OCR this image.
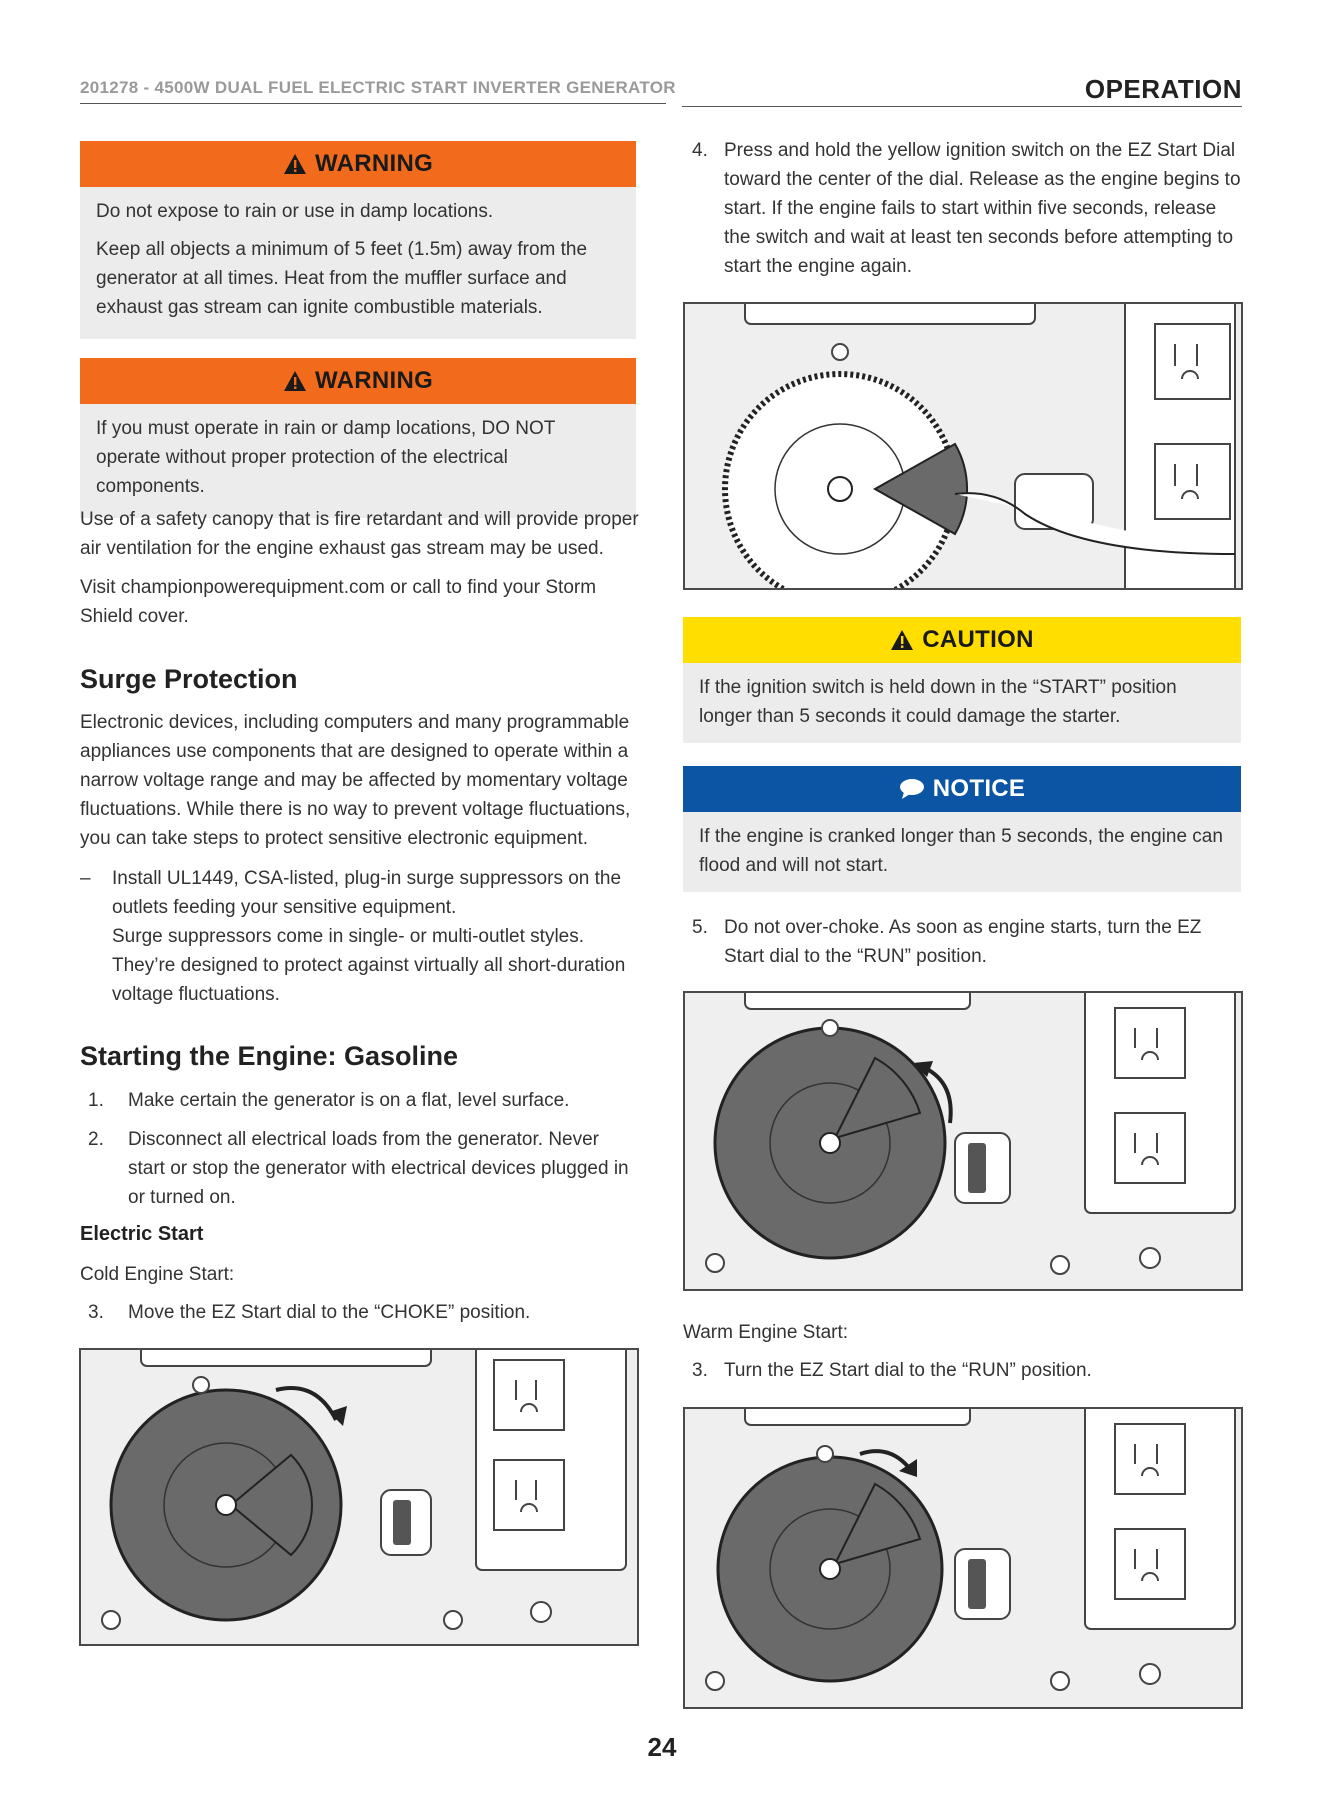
201278 - 4500W DUAL FUEL ELECTRIC START INVERTER GENERATOR	OPERATION
WARNING

Do not expose to rain or use in damp locations.

Keep all objects a minimum of 5 feet (1.5m) away from the generator at all times. Heat from the muffler surface and exhaust gas stream can ignite combustible materials.

WARNING

If you must operate in rain or damp locations, DO NOT operate without proper protection of the electrical components.

Use of a safety canopy that is fire retardant and will provide proper air ventilation for the engine exhaust gas stream may be used.

Visit championpowerequipment.com or call to find your Storm Shield cover.

Surge Protection

Electronic devices, including computers and many programmable appliances use components that are designed to operate within a narrow voltage range and may be affected by momentary voltage fluctuations. While there is no way to prevent voltage fluctuations, you can take steps to protect sensitive electronic equipment.

– Install UL1449, CSA-listed, plug-in surge suppressors on the outlets feeding your sensitive equipment.
Surge suppressors come in single- or multi-outlet styles. They’re designed to protect against virtually all short-duration voltage fluctuations.
Starting the Engine: Gasoline
1. Make certain the generator is on a flat, level surface.
2. Disconnect all electrical loads from the generator. Never start or stop the generator with electrical devices plugged in or turned on.
Electric Start

Cold Engine Start:

3. Move the EZ Start dial to the “CHOKE” position.
4. Press and hold the yellow ignition switch on the EZ Start Dial toward the center of the dial. Release as the engine begins to start. If the engine fails to start within five seconds, release the switch and wait at least ten seconds before attempting to start the engine again.
CAUTION

If the ignition switch is held down in the “START” position longer than 5 seconds it could damage the starter.

NOTICE

If the engine is cranked longer than 5 seconds, the engine can flood and will not start.

5. Do not over-choke. As soon as engine starts, turn the EZ Start dial to the “RUN” position.

Warm Engine Start:

3. Turn the EZ Start dial to the “RUN” position.
24
